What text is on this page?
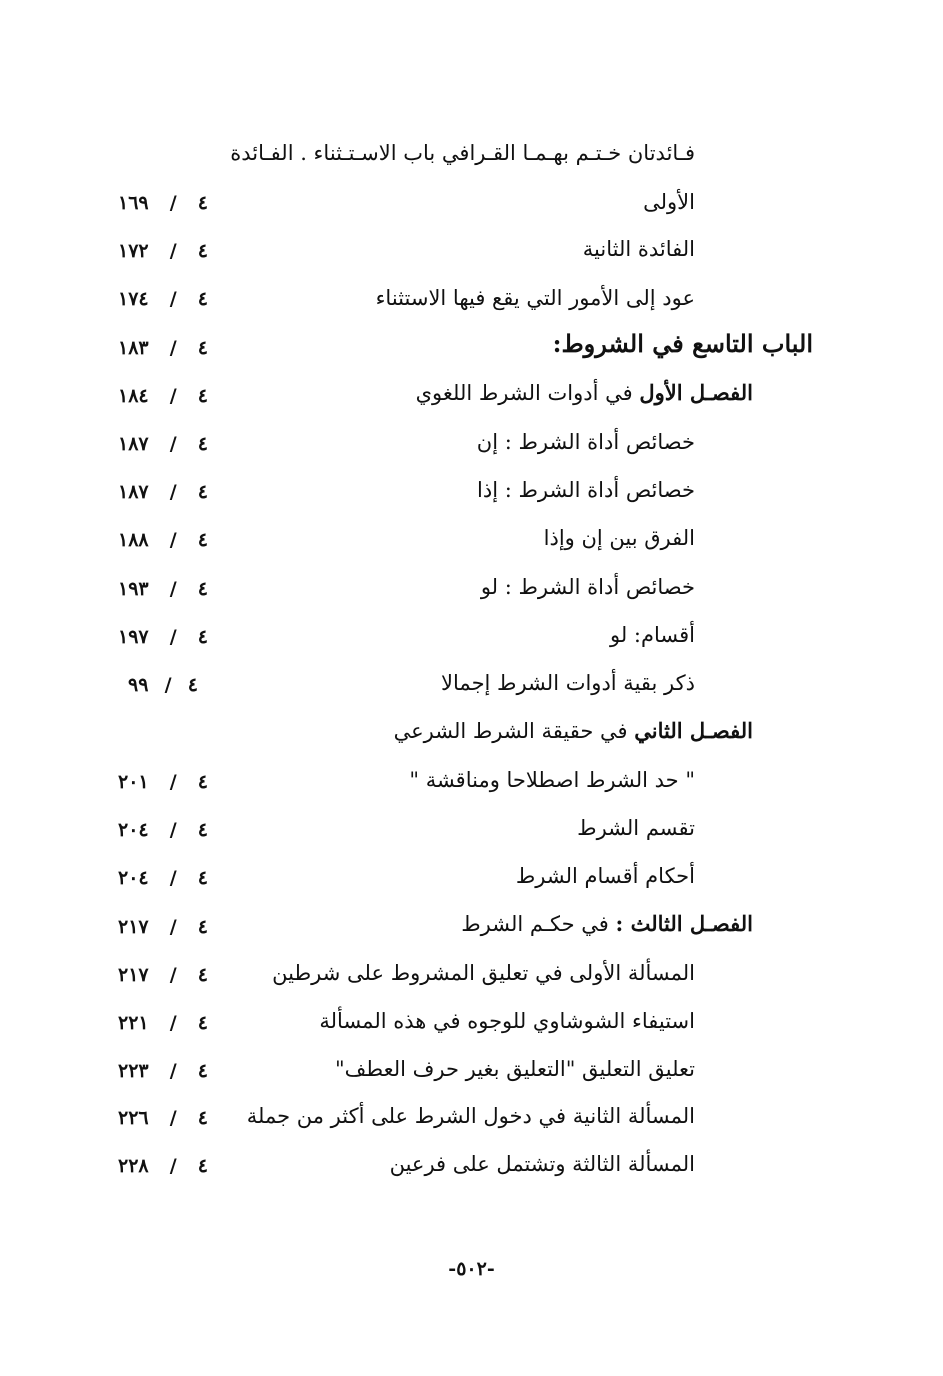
فـائدتان خـتـم بهـمـا القـرافي باب الاسـتـثناء . الفـائدة
الأولى
١٦٩ / ٤
الفائدة الثانية
١٧٢ / ٤
عود إلى الأمور التي يقع فيها الاستثناء
١٧٤ / ٤
الباب التاسع في الشروط:
١٨٣ / ٤
الفصـل الأول في أدوات الشرط اللغوي
١٨٤ / ٤
خصائص أداة الشرط : إن
١٨٧ / ٤
خصائص أداة الشرط : إذا
١٨٧ / ٤
الفرق بين إن وإذا
١٨٨ / ٤
خصائص أداة الشرط : لو
١٩٣ / ٤
أقسام: لو
١٩٧ / ٤
ذكر بقية أدوات الشرط إجمالا
٩٩ / ٤
الفصـل الثاني في حقيقة الشرط الشرعي
" حد الشرط اصطلاحا ومناقشة "
٢٠١ / ٤
تقسم الشرط
٢٠٤ / ٤
أحكام أقسام الشرط
٢٠٤ / ٤
الفصـل الثالث : في حكـم الشرط
٢١٧ / ٤
المسألة الأولى في تعليق المشروط على شرطين
٢١٧ / ٤
استيفاء الشوشاوي للوجوه في هذه المسألة
٢٢١ / ٤
تعليق التعليق "التعليق بغير حرف العطف"
٢٢٣ / ٤
المسألة الثانية في دخول الشرط على أكثر من جملة
٢٢٦ / ٤
المسألة الثالثة وتشتمل على فرعين
٢٢٨ / ٤
-٥٠٢-
